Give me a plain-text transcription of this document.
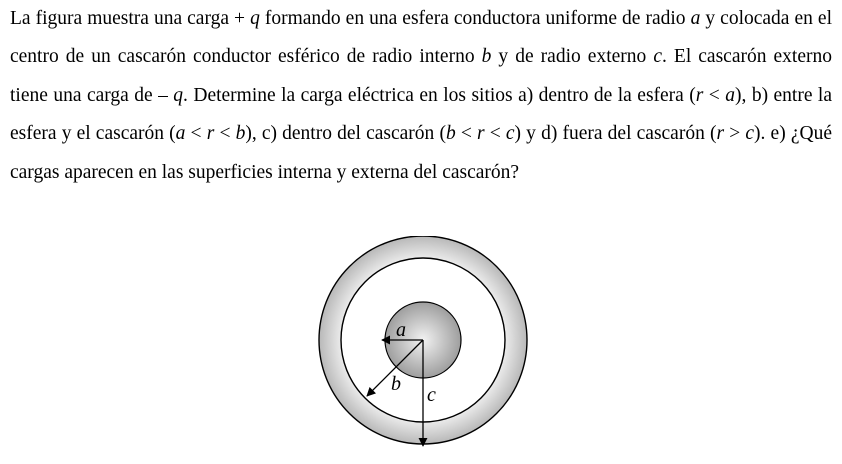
La figura muestra una carga + q formando en una esfera conductora uniforme de radio a y colocada en el centro de un cascarón conductor esférico de radio interno b y de radio externo c. El cascarón externo tiene una carga de – q. Determine la carga eléctrica en los sitios a) dentro de la esfera (r < a), b) entre la esfera y el cascarón (a < r < b), c) dentro del cascarón (b < r < c) y d) fuera del cascarón (r > c). e) ¿Qué cargas aparecen en las superficies interna y externa del cascarón?

a
b c
